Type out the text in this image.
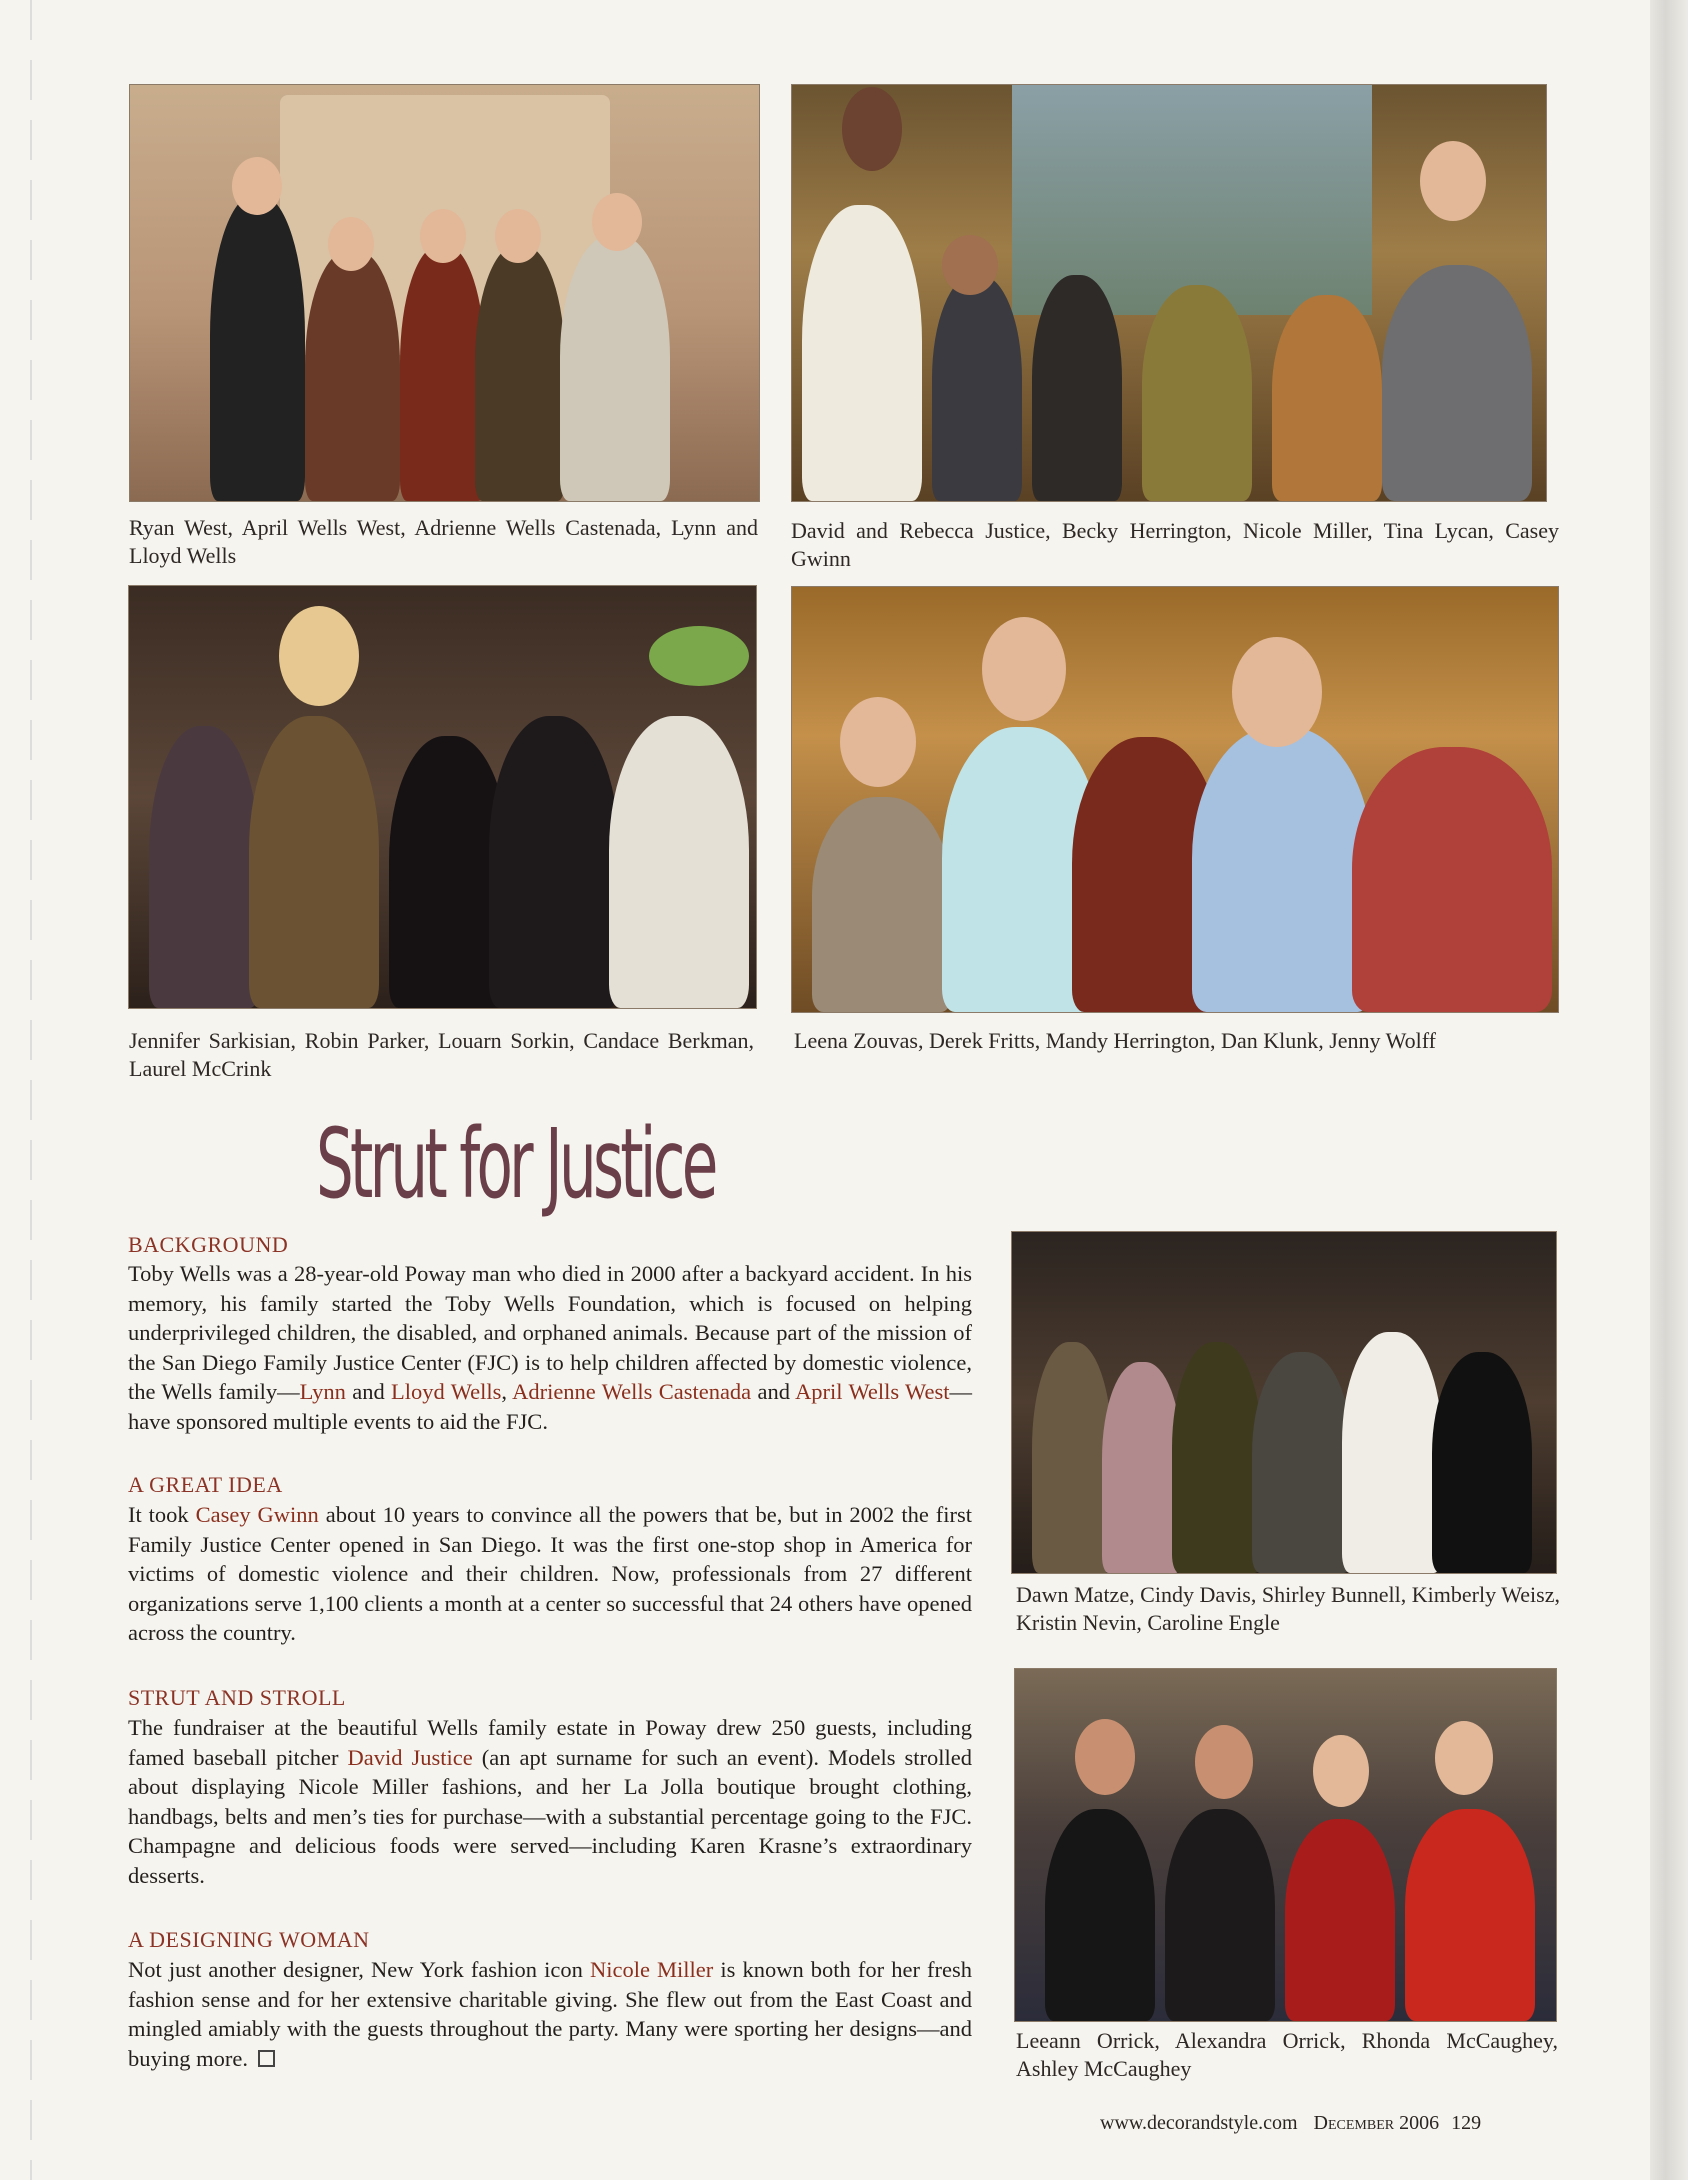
Ryan West, April Wells West, Adrienne Wells Castenada, Lynn and Lloyd Wells
David and Rebecca Justice, Becky Herrington, Nicole Miller, Tina Lycan, Casey Gwinn
Jennifer Sarkisian, Robin Parker, Louarn Sorkin, Candace Berkman, Laurel McCrink
Leena Zouvas, Derek Fritts, Mandy Herrington, Dan Klunk, Jenny Wolff
Strut for Justice
Dawn Matze, Cindy Davis, Shirley Bunnell, Kimberly Weisz, Kristin Nevin, Caroline Engle
Leeann Orrick, Alexandra Orrick, Rhonda McCaughey, Ashley McCaughey
BACKGROUND
Toby Wells was a 28-year-old Poway man who died in 2000 after a backyard accident. In his memory, his family started the Toby Wells Foundation, which is focused on helping underprivileged children, the disabled, and orphaned animals. Because part of the mission of the San Diego Family Justice Center (FJC) is to help children affected by domestic violence, the Wells family—Lynn and Lloyd Wells, Adrienne Wells Castenada and April Wells West—have sponsored multiple events to aid the FJC.
A GREAT IDEA
It took Casey Gwinn about 10 years to convince all the powers that be, but in 2002 the first Family Justice Center opened in San Diego. It was the first one-stop shop in America for victims of domestic violence and their children. Now, professionals from 27 different organizations serve 1,100 clients a month at a center so successful that 24 others have opened across the country.
STRUT AND STROLL
The fundraiser at the beautiful Wells family estate in Poway drew 250 guests, including famed baseball pitcher David Justice (an apt surname for such an event). Models strolled about displaying Nicole Miller fashions, and her La Jolla boutique brought clothing, handbags, belts and men’s ties for purchase—with a substantial percentage going to the FJC. Champagne and delicious foods were served—including Karen Krasne’s extraordinary desserts.
A DESIGNING WOMAN
Not just another designer, New York fashion icon Nicole Miller is known both for her fresh fashion sense and for her extensive charitable giving. She flew out from the East Coast and mingled amiably with the guests throughout the party. Many were sporting her designs—and buying more.
www.decorandstyle.com December 2006 129
